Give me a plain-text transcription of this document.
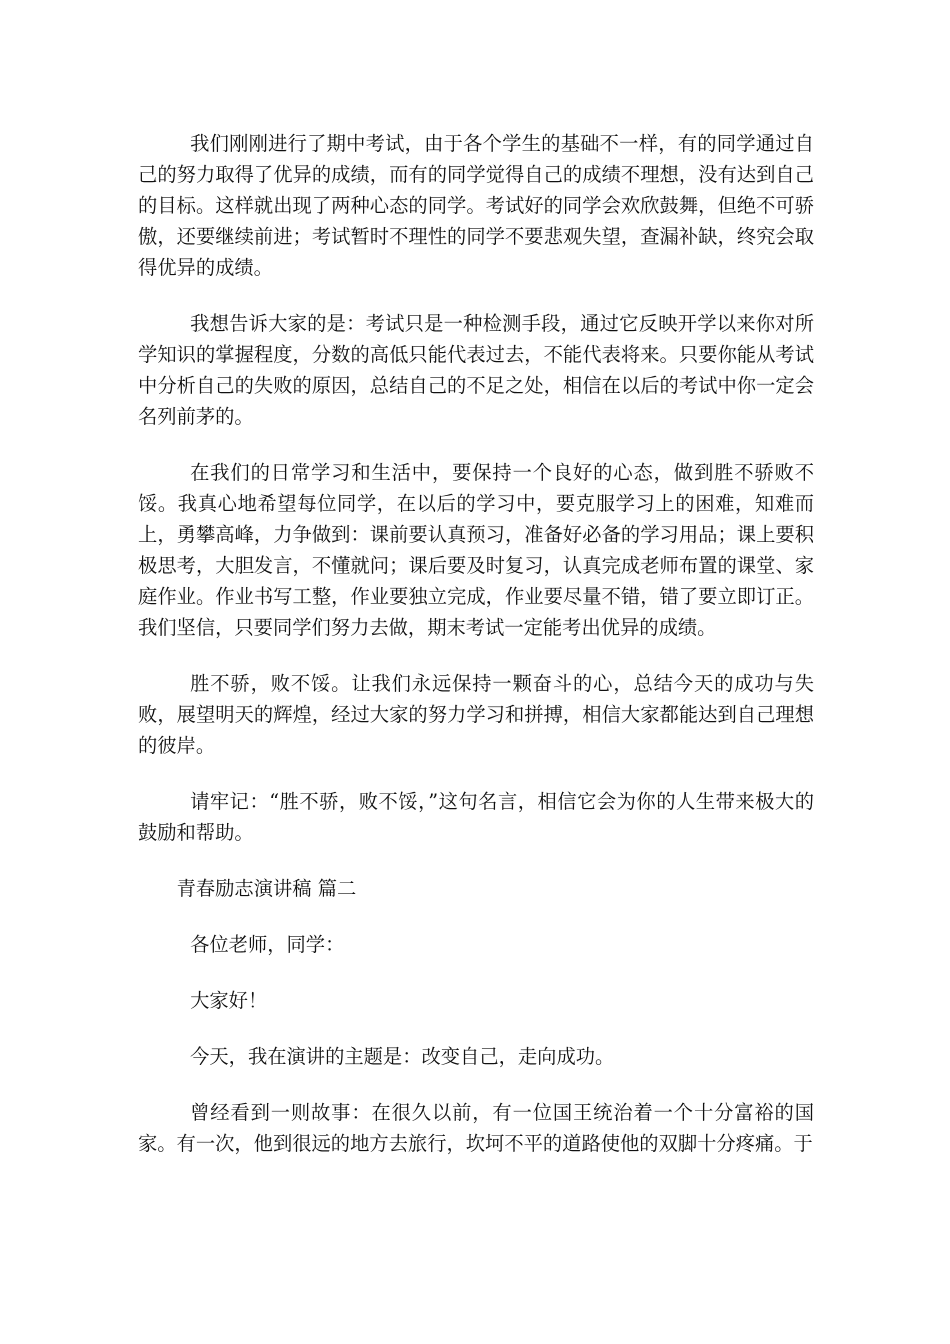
我们刚刚进行了期中考试，由于各个学生的基础不一样，有的同学通过自己的努力取得了优异的成绩，而有的同学觉得自己的成绩不理想，没有达到自己的目标。这样就出现了两种心态的同学。考试好的同学会欢欣鼓舞，但绝不可骄傲，还要继续前进；考试暂时不理性的同学不要悲观失望，查漏补缺，终究会取得优异的成绩。

我想告诉大家的是：考试只是一种检测手段，通过它反映开学以来你对所学知识的掌握程度，分数的高低只能代表过去，不能代表将来。只要你能从考试中分析自己的失败的原因，总结自己的不足之处，相信在以后的考试中你一定会名列前茅的。

在我们的日常学习和生活中，要保持一个良好的心态，做到胜不骄败不馁。我真心地希望每位同学，在以后的学习中，要克服学习上的困难，知难而上，勇攀高峰，力争做到：课前要认真预习，准备好必备的学习用品；课上要积极思考，大胆发言，不懂就问；课后要及时复习，认真完成老师布置的课堂、家庭作业。作业书写工整，作业要独立完成，作业要尽量不错，错了要立即订正。我们坚信，只要同学们努力去做，期末考试一定能考出优异的成绩。

胜不骄，败不馁。让我们永远保持一颗奋斗的心，总结今天的成功与失败，展望明天的辉煌，经过大家的努力学习和拼搏，相信大家都能达到自己理想的彼岸。

请牢记：“胜不骄，败不馁，”这句名言，相信它会为你的人生带来极大的鼓励和帮助。

青春励志演讲稿 篇二

各位老师，同学：

大家好！

今天，我在演讲的主题是：改变自己，走向成功。

曾经看到一则故事：在很久以前，有一位国王统治着一个十分富裕的国家。有一次，他到很远的地方去旅行，坎坷不平的道路使他的双脚十分疼痛。于
